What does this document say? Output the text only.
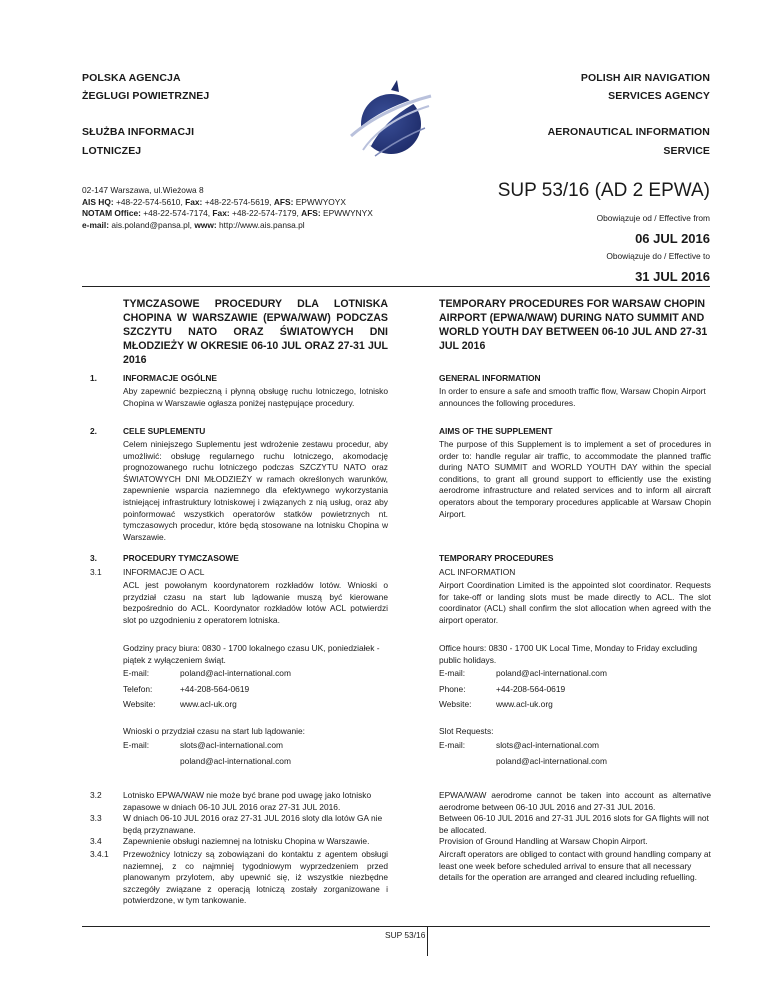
POLSKA AGENCJA
ŻEGLUGI POWIETRZNEJ
SŁUŻBA INFORMACJI
LOTNICZEJ
POLISH AIR NAVIGATION
SERVICES AGENCY
AERONAUTICAL INFORMATION
SERVICE
02-147 Warszawa, ul.Wieżowa 8
AIS HQ: +48-22-574-5610, Fax: +48-22-574-5619, AFS: EPWWYOYX
NOTAM Office: +48-22-574-7174, Fax: +48-22-574-7179, AFS: EPWWYNYX
e-mail: ais.poland@pansa.pl, www: http://www.ais.pansa.pl
SUP 53/16 (AD 2 EPWA)
Obowiązuje od / Effective from
06 JUL 2016
Obowiązuje do / Effective to
31 JUL 2016
TYMCZASOWE PROCEDURY DLA LOTNISKA CHOPINA W WARSZAWIE (EPWA/WAW) PODCZAS SZCZYTU NATO ORAZ ŚWIATOWYCH DNI MŁODZIEŻY W OKRESIE 06-10 JUL ORAZ 27-31 JUL 2016
TEMPORARY PROCEDURES FOR WARSAW CHOPIN AIRPORT (EPWA/WAW) DURING NATO SUMMIT AND WORLD YOUTH DAY BETWEEN 06-10 JUL AND 27-31 JUL 2016
1.	INFORMACJE OGÓLNE	GENERAL INFORMATION
Aby zapewnić bezpieczną i płynną obsługę ruchu lotniczego, lotnisko Chopina w Warszawie ogłasza poniżej następujące procedury.
In order to ensure a safe and smooth traffic flow, Warsaw Chopin Airport announces the following procedures.
2.	CELE SUPLEMENTU	AIMS OF THE SUPPLEMENT
Celem niniejszego Suplementu jest wdrożenie zestawu procedur, aby umożliwić: obsługę regularnego ruchu lotniczego, akomodację prognozowanego ruchu lotniczego podczas SZCZYTU NATO oraz ŚWIATOWYCH DNI MŁODZIEŻY w ramach określonych warunków, zapewnienie wsparcia naziemnego dla efektywnego wykorzystania istniejącej infrastruktury lotniskowej i związanych z nią usług, oraz aby poinformować wszystkich operatorów statków powietrznych nt. tymczasowych procedur, które będą stosowane na lotnisku Chopina w Warszawie.
The purpose of this Supplement is to implement a set of procedures in order to: handle regular air traffic, to accommodate the planned traffic during NATO SUMMIT and WORLD YOUTH DAY within the special conditions, to grant all ground support to efficiently use the existing aerodrome infrastructure and related services and to inform all aircraft operators about the temporary procedures applicable at Warsaw Chopin Airport.
3.	PROCEDURY TYMCZASOWE	TEMPORARY PROCEDURES
3.1	INFORMACJE O ACL	ACL INFORMATION
ACL jest powołanym koordynatorem rozkładów lotów. Wnioski o przydział czasu na start lub lądowanie muszą być kierowane bezpośrednio do ACL. Koordynator rozkładów lotów ACL potwierdzi slot po uzgodnieniu z operatorem lotniska.
Airport Coordination Limited is the appointed slot coordinator. Requests for take-off or landing slots must be made directly to ACL. The slot coordinator (ACL) shall confirm the slot allocation when agreed with the airport operator.
Godziny pracy biura: 0830 - 1700 lokalnego czasu UK, poniedziałek - piątek z wyłączeniem świąt.
Office hours: 0830 - 1700 UK Local Time, Monday to Friday excluding public holidays.
E-mail:	poland@acl-international.com
Telefon:	+44-208-564-0619
Website:	www.acl-uk.org
E-mail:	poland@acl-international.com
Phone:	+44-208-564-0619
Website:	www.acl-uk.org
Wnioski o przydział czasu na start lub lądowanie:	Slot Requests:
E-mail:	slots@acl-international.com
poland@acl-international.com
E-mail:	slots@acl-international.com
poland@acl-international.com
3.2	Lotnisko EPWA/WAW nie może być brane pod uwagę jako lotnisko zapasowe w dniach 06-10 JUL 2016 oraz 27-31 JUL 2016.
EPWA/WAW aerodrome cannot be taken into account as alternative aerodrome between 06-10 JUL 2016 and 27-31 JUL 2016.
3.3	W dniach 06-10 JUL 2016 oraz 27-31 JUL 2016 sloty dla lotów GA nie będą przyznawane.
Between 06-10 JUL 2016 and 27-31 JUL 2016 slots for GA flights will not be allocated.
3.4	Zapewnienie obsługi naziemnej na lotnisku Chopina w Warszawie.	Provision of Ground Handling at Warsaw Chopin Airport.
3.4.1 Przewoźnicy lotniczy są zobowiązani do kontaktu z agentem obsługi naziemnej, z co najmniej tygodniowym wyprzedzeniem przed planowanym przylotem, aby upewnić się, iż wszystkie niezbędne szczegóły związane z operacją lotniczą zostały zorganizowane i potwierdzone, w tym tankowanie.
Aircraft operators are obliged to contact with ground handling company at least one week before scheduled arrival to ensure that all necessary details for the operation are arranged and cleared including refuelling.
SUP 53/16
